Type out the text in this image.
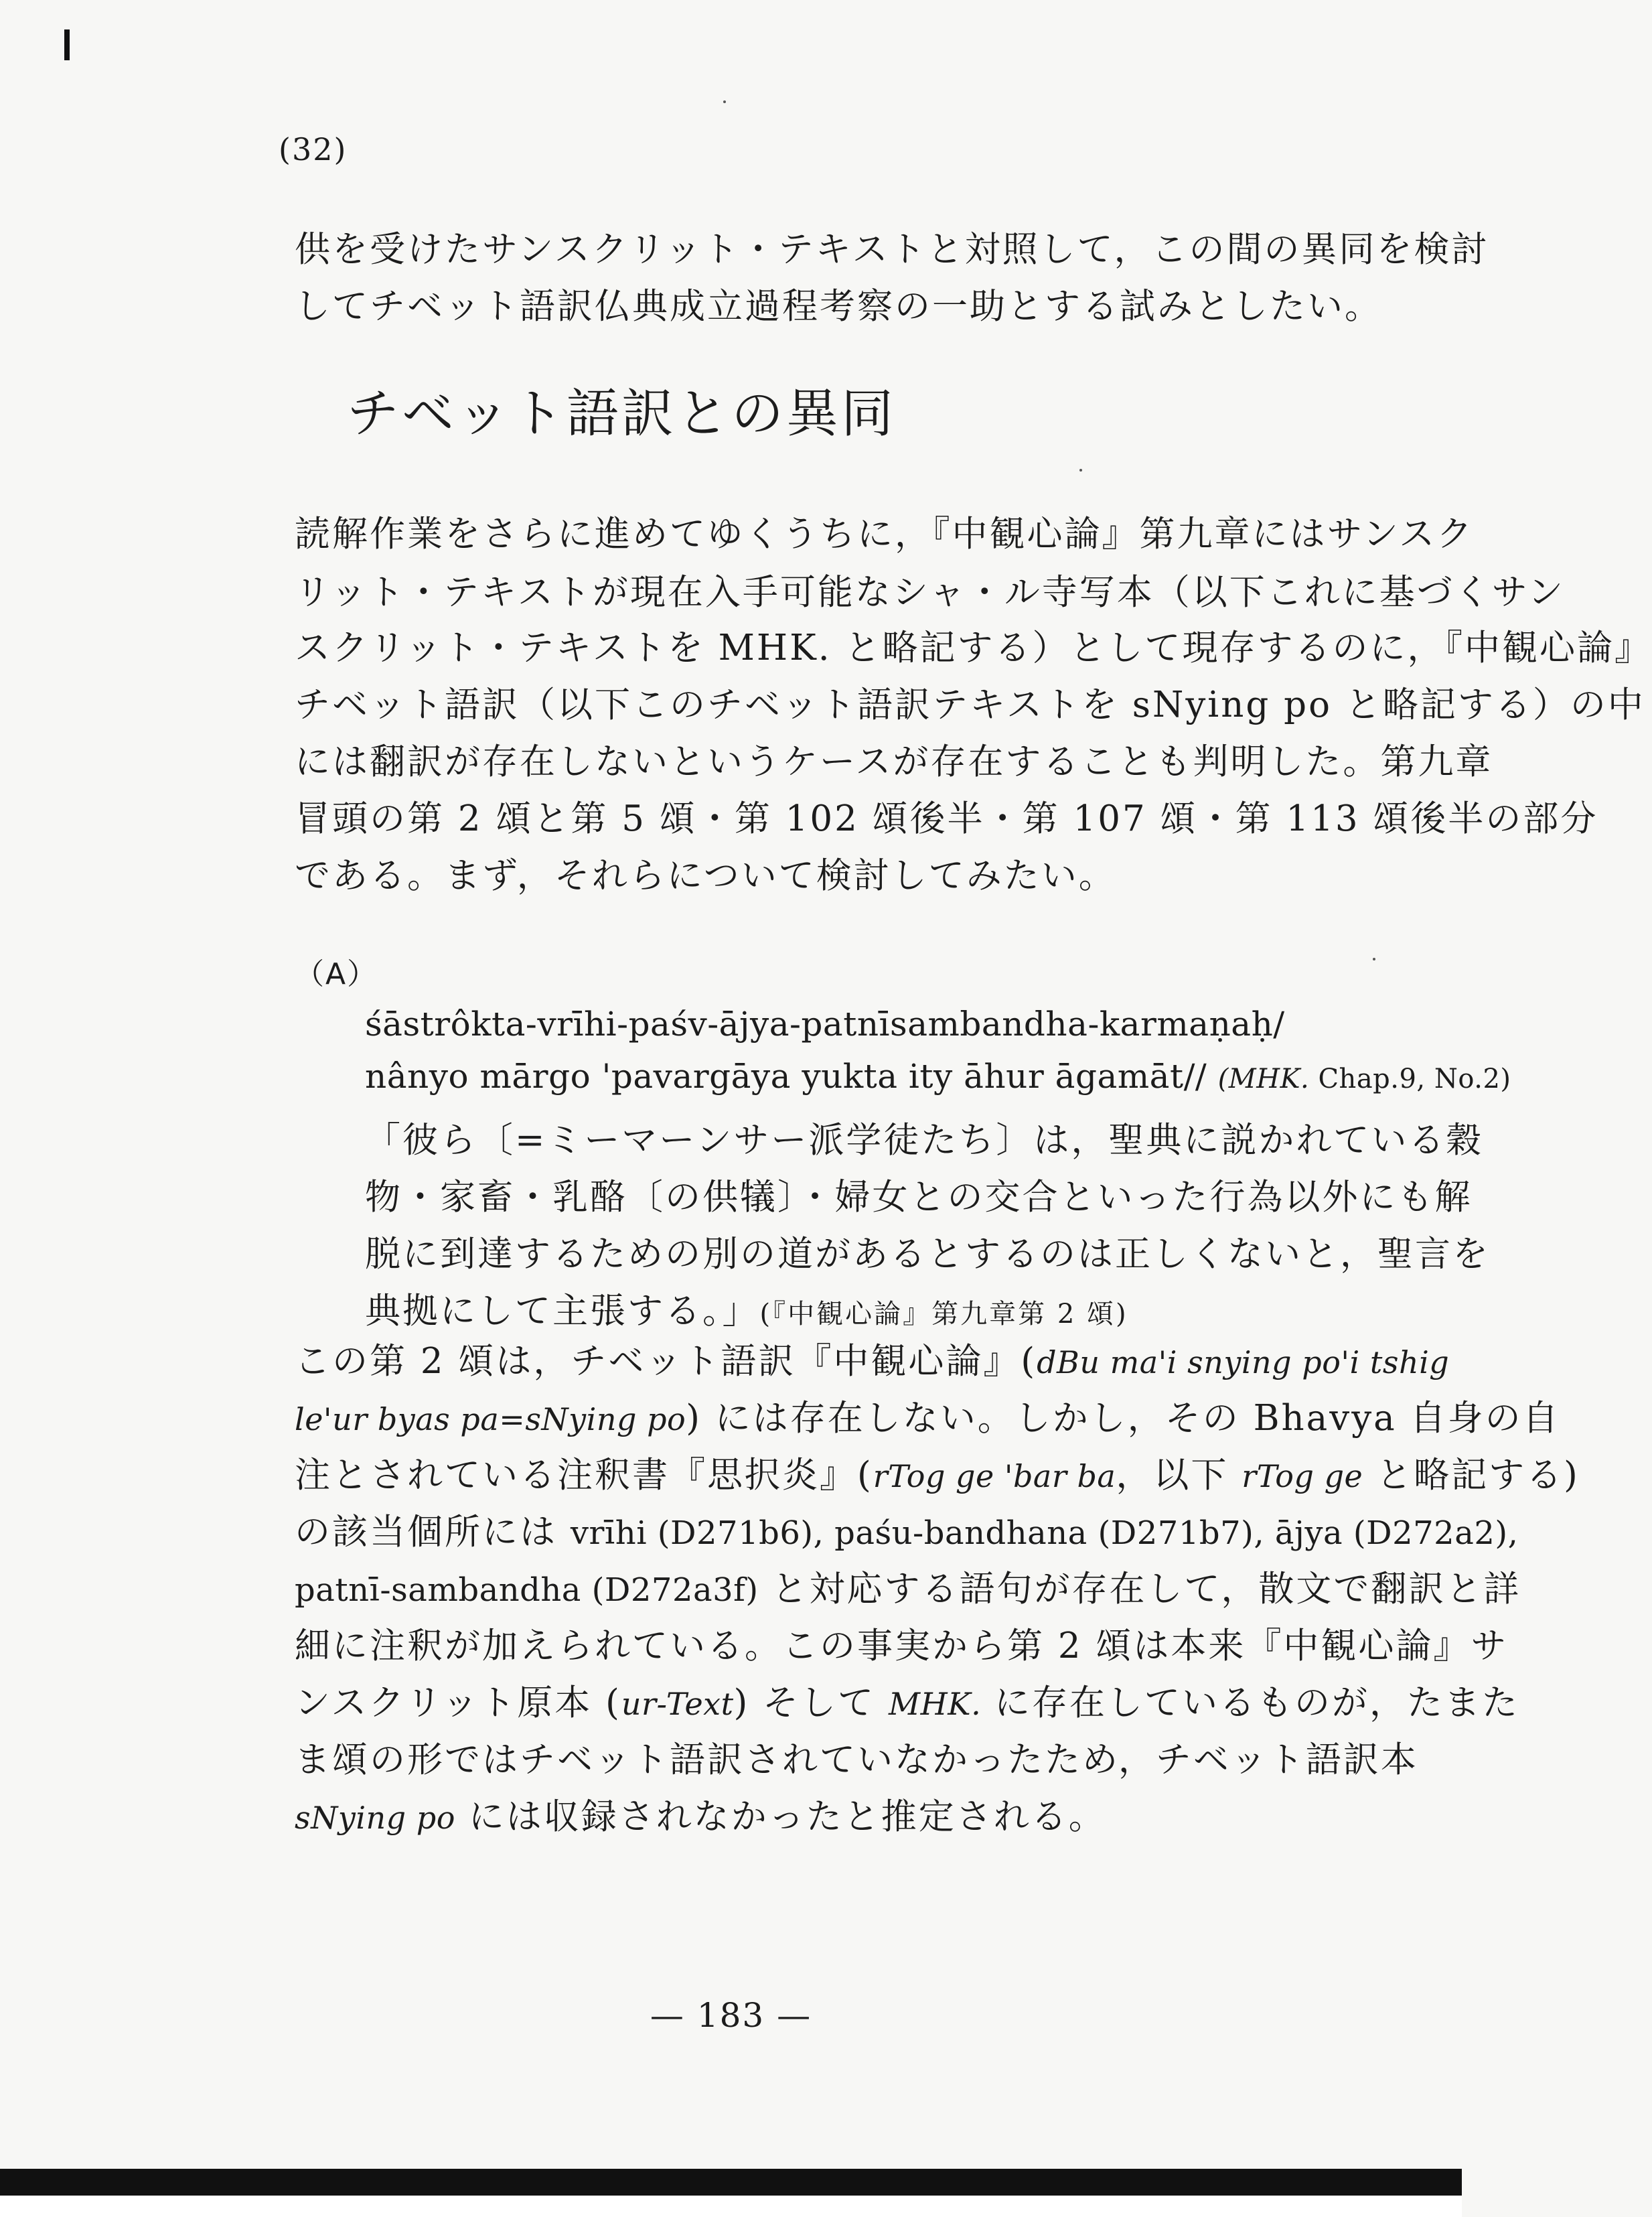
(32)
供を受けたサンスクリット・テキストと対照して，この間の異同を検討
してチベット語訳仏典成立過程考察の一助とする試みとしたい。
チベット語訳との異同
読解作業をさらに進めてゆくうちに，『中観心論』第九章にはサンスク
リット・テキストが現在入手可能なシャ・ル寺写本（以下これに基づくサン
スクリット・テキストを MHK. と略記する）として現存するのに，『中観心論』
チベット語訳（以下このチベット語訳テキストを sNying po と略記する）の中
には翻訳が存在しないというケースが存在することも判明した。第九章
冒頭の第 2 頌と第 5 頌・第 102 頌後半・第 107 頌・第 113 頌後半の部分
である。まず，それらについて検討してみたい。
（A）
śāstrôkta-vrīhi-paśv-ājya-patnīsambandha-karmaṇaḥ/
nânyo mārgo 'pavargāya yukta ity āhur āgamāt// (MHK. Chap.9, No.2)
「彼ら〔=ミーマーンサー派学徒たち〕は，聖典に説かれている穀
物・家畜・乳酪〔の供犠〕・婦女との交合といった行為以外にも解
脱に到達するための別の道があるとするのは正しくないと，聖言を
典拠にして主張する。」(『中観心論』第九章第 2 頌)
この第 2 頌は，チベット語訳『中観心論』(dBu ma'i snying po'i tshig
le'ur byas pa=sNying po) には存在しない。しかし，その Bhavya 自身の自
注とされている注釈書『思択炎』(rTog ge 'bar ba，以下 rTog ge と略記する)
の該当個所には vrīhi (D271b6), paśu-bandhana (D271b7), ājya (D272a2),
patnī-sambandha (D272a3f) と対応する語句が存在して，散文で翻訳と詳
細に注釈が加えられている。この事実から第 2 頌は本来『中観心論』サ
ンスクリット原本 (ur-Text) そして MHK. に存在しているものが，たまた
ま頌の形ではチベット語訳されていなかったため，チベット語訳本
sNying po には収録されなかったと推定される。
— 183 —
